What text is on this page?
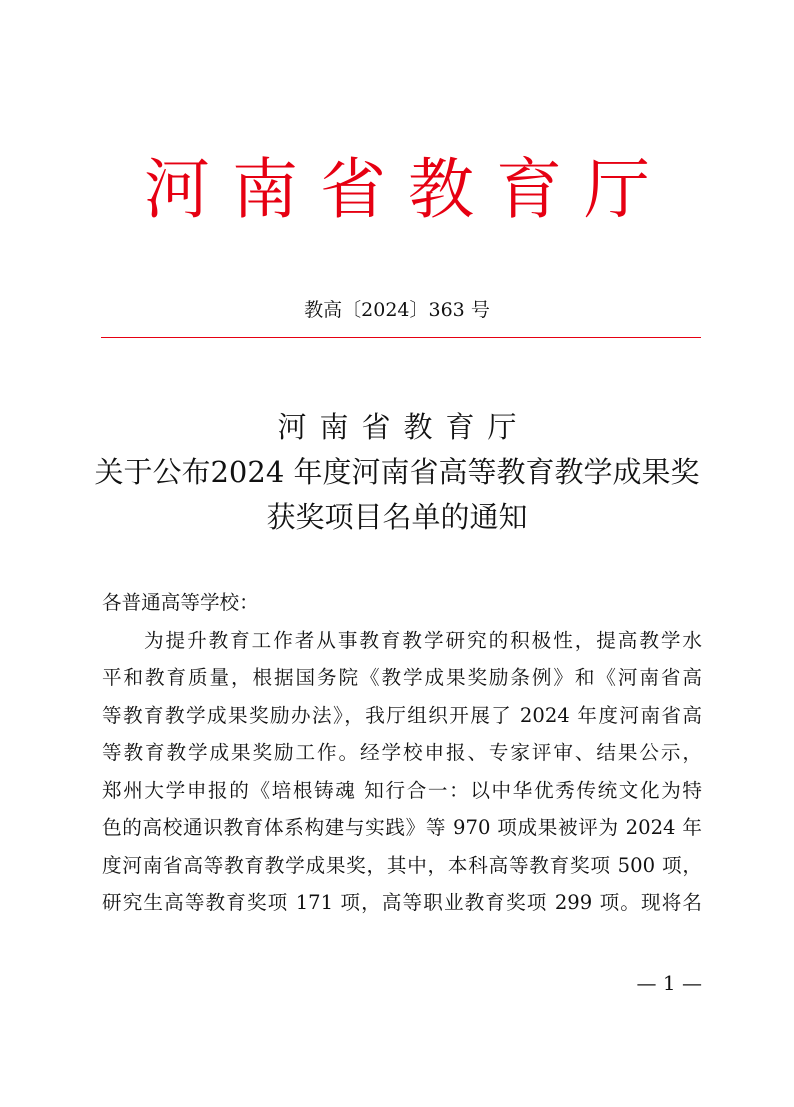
河南省教育厅
教高〔2024〕363 号
河南省教育厅
关于公布2024 年度河南省高等教育教学成果奖
获奖项目名单的通知
各普通高等学校：
为提升教育工作者从事教育教学研究的积极性，提高教学水
平和教育质量，根据国务院《教学成果奖励条例》和《河南省高
等教育教学成果奖励办法》，我厅组织开展了 2024 年度河南省高
等教育教学成果奖励工作。经学校申报、专家评审、结果公示，
郑州大学申报的《培根铸魂 知行合一：以中华优秀传统文化为特
色的高校通识教育体系构建与实践》等 970 项成果被评为 2024 年
度河南省高等教育教学成果奖，其中，本科高等教育奖项 500 项，
研究生高等教育奖项 171 项，高等职业教育奖项 299 项。现将名
— 1 —
